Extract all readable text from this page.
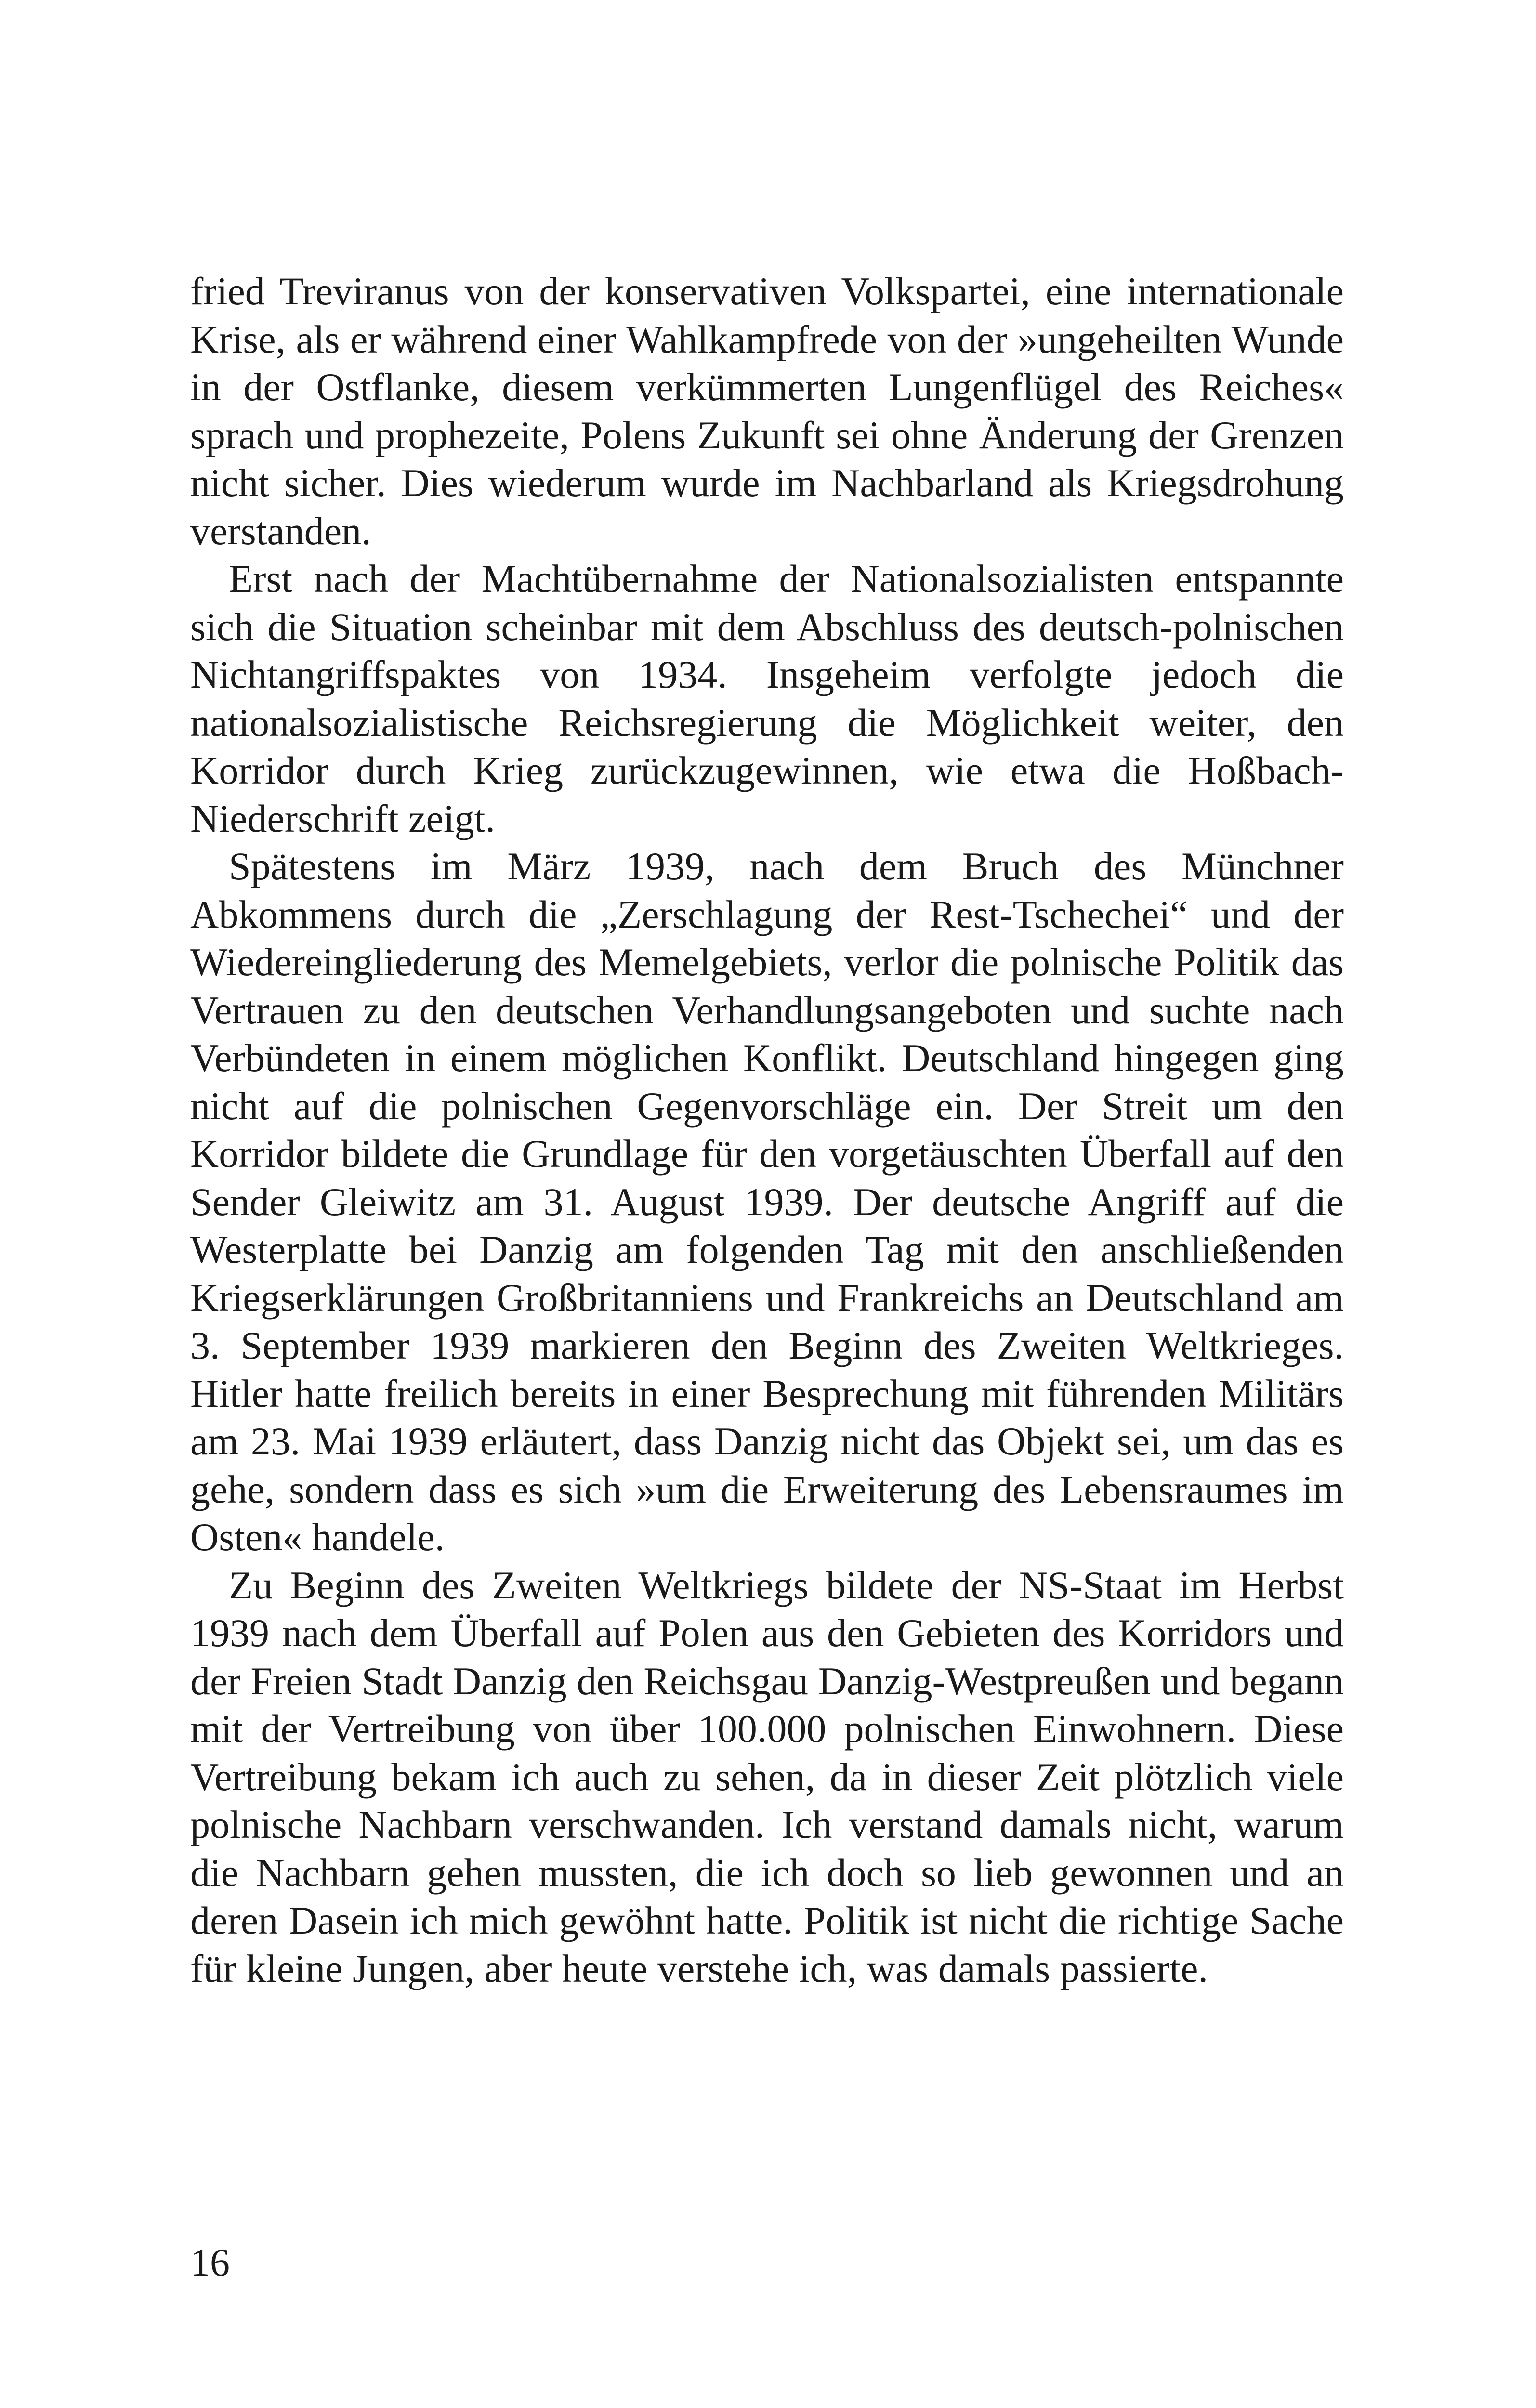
fried Treviranus von der konservativen Volkspartei, eine internationale Krise, als er während einer Wahlkampfrede von der »ungeheilten Wunde in der Ostflanke, diesem verkümmerten Lungenflügel des Reiches« sprach und prophezeite, Polens Zukunft sei ohne Änderung der Grenzen nicht sicher. Dies wiederum wurde im Nachbarland als Kriegsdrohung verstanden.

Erst nach der Machtübernahme der Nationalsozialisten entspannte sich die Situation scheinbar mit dem Abschluss des deutsch-polnischen Nichtangriffspaktes von 1934. Insgeheim verfolgte jedoch die nationalsozialistische Reichsregierung die Möglichkeit weiter, den Korridor durch Krieg zurückzugewinnen, wie etwa die Hoßbach-Niederschrift zeigt.

Spätestens im März 1939, nach dem Bruch des Münchner Abkommens durch die „Zerschlagung der Rest-Tschechei“ und der Wiedereingliederung des Memelgebiets, verlor die polnische Politik das Vertrauen zu den deutschen Verhandlungsangeboten und suchte nach Verbündeten in einem möglichen Konflikt. Deutschland hingegen ging nicht auf die polnischen Gegenvorschläge ein. Der Streit um den Korridor bildete die Grundlage für den vorgetäuschten Überfall auf den Sender Gleiwitz am 31. August 1939. Der deutsche Angriff auf die Westerplatte bei Danzig am folgenden Tag mit den anschließenden Kriegserklärungen Großbritanniens und Frankreichs an Deutschland am 3. September 1939 markieren den Beginn des Zweiten Weltkrieges. Hitler hatte freilich bereits in einer Besprechung mit führenden Militärs am 23. Mai 1939 erläutert, dass Danzig nicht das Objekt sei, um das es gehe, sondern dass es sich »um die Erweiterung des Lebensraumes im Osten« handele.

Zu Beginn des Zweiten Weltkriegs bildete der NS-Staat im Herbst 1939 nach dem Überfall auf Polen aus den Gebieten des Korridors und der Freien Stadt Danzig den Reichsgau Danzig-Westpreußen und begann mit der Vertreibung von über 100.000 polnischen Einwohnern. Diese Vertreibung bekam ich auch zu sehen, da in dieser Zeit plötzlich viele polnische Nachbarn verschwanden. Ich verstand damals nicht, warum die Nachbarn gehen mussten, die ich doch so lieb gewonnen und an deren Dasein ich mich gewöhnt hatte. Politik ist nicht die richtige Sache für kleine Jungen, aber heute verstehe ich, was damals passierte.

16
